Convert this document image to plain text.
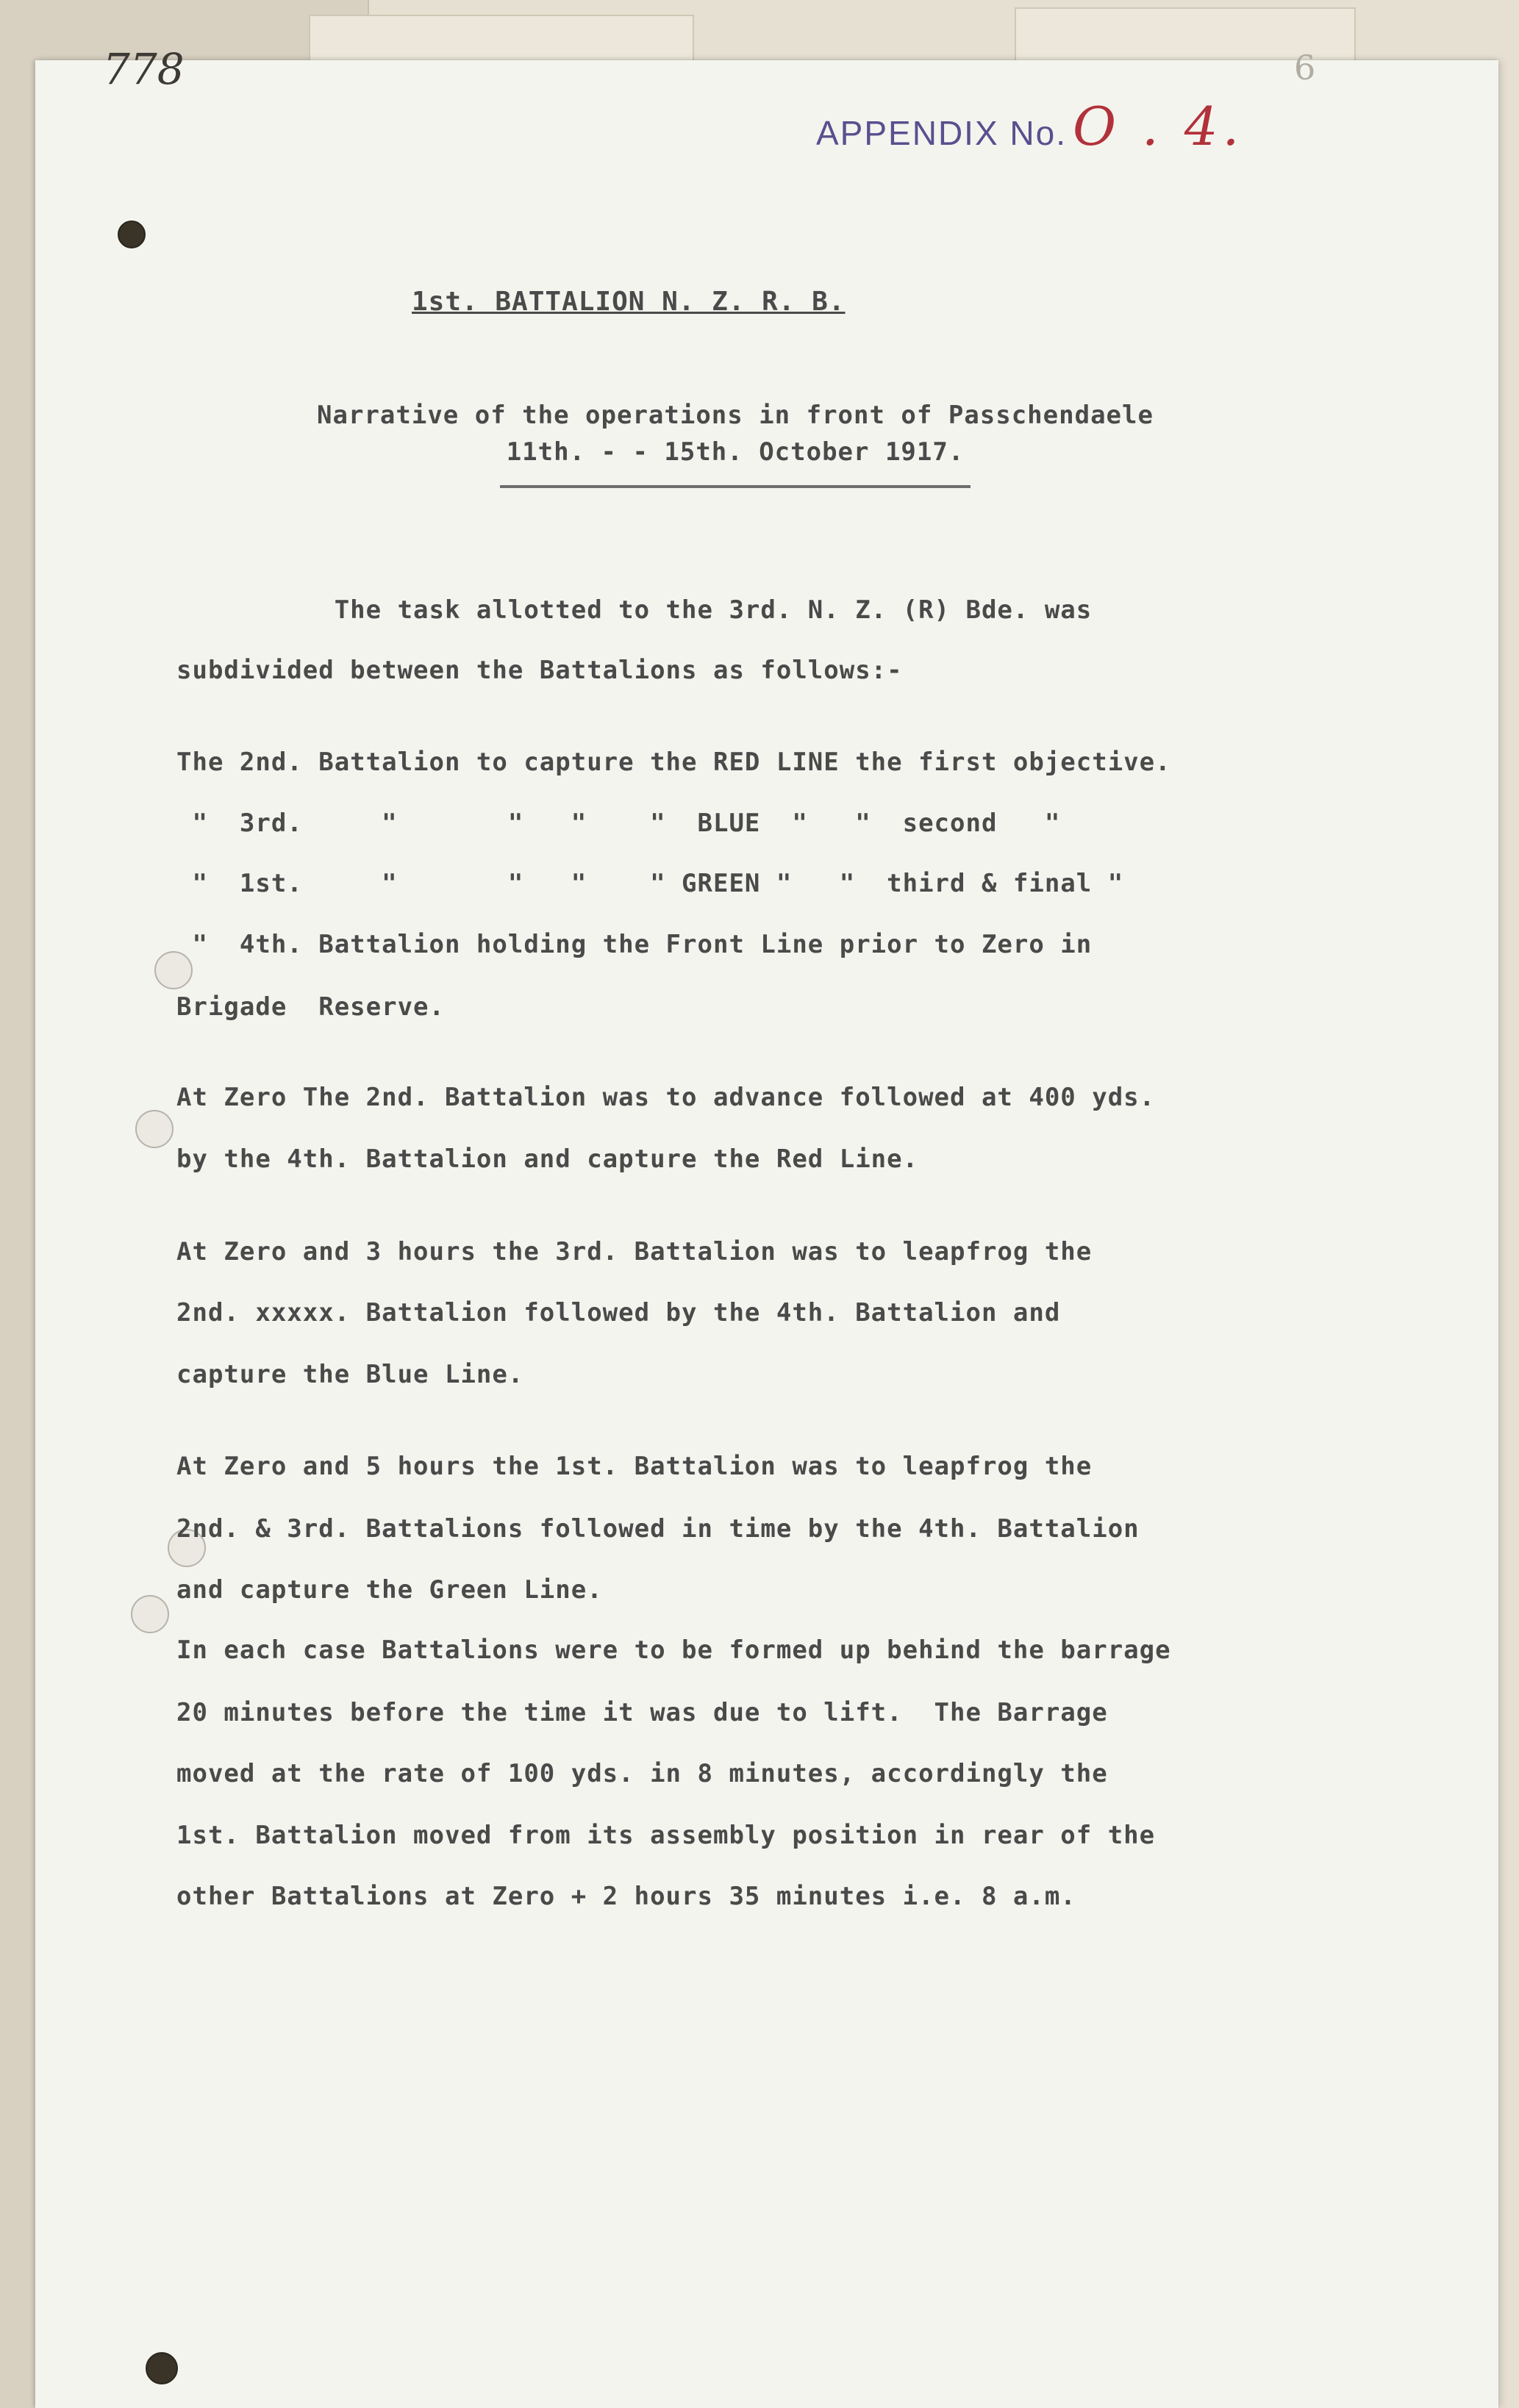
778	6
APPENDIX No. O . 4.
1st. BATTALION N. Z. R. B.
Narrative of the operations in front of Passchendaele
11th. - - 15th. October 1917.
The task allotted to the 3rd. N. Z. (R) Bde. was
subdivided between the Battalions as follows:-
The 2nd. Battalion to capture the RED LINE the first objective.
"  3rd.     "       "   "    "  BLUE  "   "  second   "
"  1st.     "       "   "    " GREEN "   "  third & final "
"  4th. Battalion holding the Front Line prior to Zero in
Brigade  Reserve.
At Zero The 2nd. Battalion was to advance followed at 400 yds.
by the 4th. Battalion and capture the Red Line.
At Zero and 3 hours the 3rd. Battalion was to leapfrog the
2nd. xxxxx. Battalion followed by the 4th. Battalion and
capture the Blue Line.
At Zero and 5 hours the 1st. Battalion was to leapfrog the
2nd. & 3rd. Battalions followed in time by the 4th. Battalion
and capture the Green Line.
In each case Battalions were to be formed up behind the barrage
20 minutes before the time it was due to lift.  The Barrage
moved at the rate of 100 yds. in 8 minutes, accordingly the
1st. Battalion moved from its assembly position in rear of the
other Battalions at Zero + 2 hours 35 minutes i.e. 8 a.m.
